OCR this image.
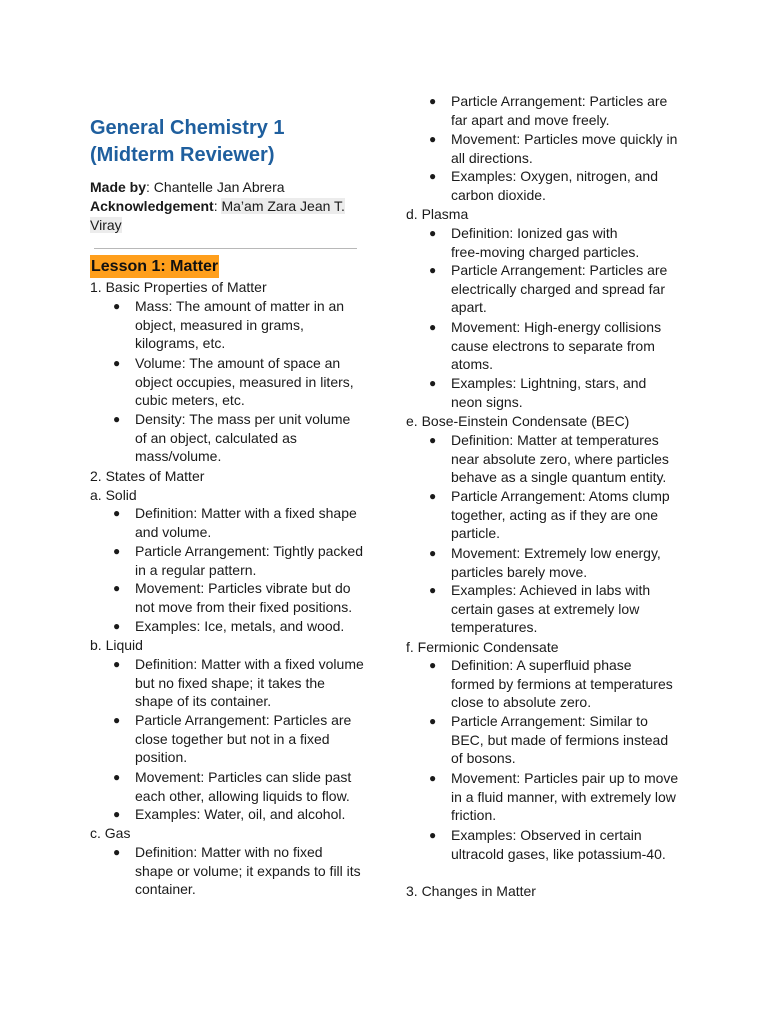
General Chemistry 1
(Midterm Reviewer)
Made by: Chantelle Jan Abrera
Acknowledgement: Ma’am Zara Jean T.
Viray
Lesson 1: Matter
1. Basic Properties of Matter
● Mass: The amount of matter in an
object, measured in grams,
kilograms, etc.
● Volume: The amount of space an
object occupies, measured in liters,
cubic meters, etc.
● Density: The mass per unit volume
of an object, calculated as
mass/volume.
2. States of Matter
a. Solid
● Definition: Matter with a fixed shape
and volume.
● Particle Arrangement: Tightly packed
in a regular pattern.
● Movement: Particles vibrate but do
not move from their fixed positions.
● Examples: Ice, metals, and wood.
b. Liquid
● Definition: Matter with a fixed volume
but no fixed shape; it takes the
shape of its container.
● Particle Arrangement: Particles are
close together but not in a fixed
position.
● Movement: Particles can slide past
each other, allowing liquids to flow.
● Examples: Water, oil, and alcohol.
c. Gas
● Definition: Matter with no fixed
shape or volume; it expands to fill its
container.
● Particle Arrangement: Particles are
far apart and move freely.
● Movement: Particles move quickly in
all directions.
● Examples: Oxygen, nitrogen, and
carbon dioxide.
d. Plasma
● Definition: Ionized gas with
free-moving charged particles.
● Particle Arrangement: Particles are
electrically charged and spread far
apart.
● Movement: High-energy collisions
cause electrons to separate from
atoms.
● Examples: Lightning, stars, and
neon signs.
e. Bose-Einstein Condensate (BEC)
● Definition: Matter at temperatures
near absolute zero, where particles
behave as a single quantum entity.
● Particle Arrangement: Atoms clump
together, acting as if they are one
particle.
● Movement: Extremely low energy,
particles barely move.
● Examples: Achieved in labs with
certain gases at extremely low
temperatures.
f. Fermionic Condensate
● Definition: A superfluid phase
formed by fermions at temperatures
close to absolute zero.
● Particle Arrangement: Similar to
BEC, but made of fermions instead
of bosons.
● Movement: Particles pair up to move
in a fluid manner, with extremely low
friction.
● Examples: Observed in certain
ultracold gases, like potassium-40.
3. Changes in Matter
